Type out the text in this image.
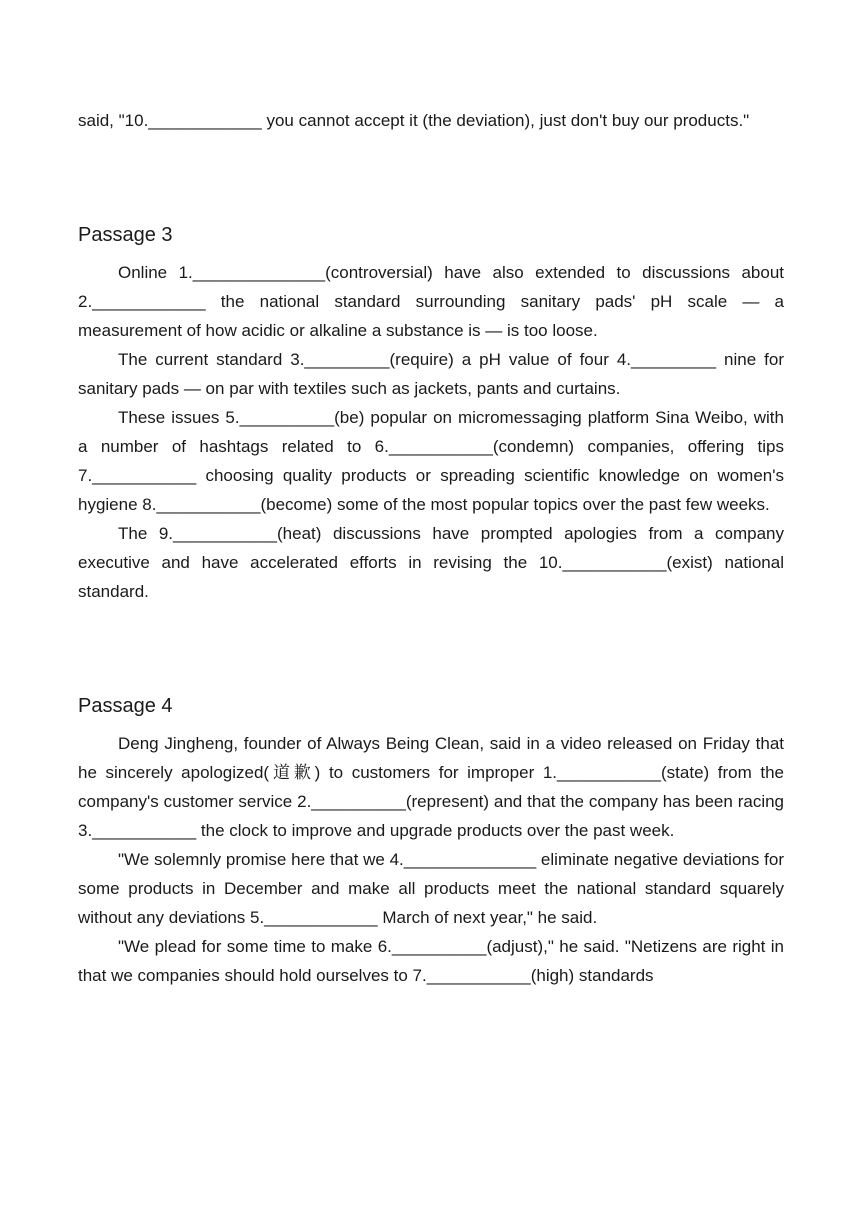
said, "10.____________ you cannot accept it (the deviation), just don't buy our products."

Passage 3

Online 1.______________(controversial) have also extended to discussions about 2.____________ the national standard surrounding sanitary pads' pH scale — a measurement of how acidic or alkaline a substance is — is too loose.

The current standard 3._________(require) a pH value of four 4._________ nine for sanitary pads — on par with textiles such as jackets, pants and curtains.

These issues 5.__________(be) popular on micromessaging platform Sina Weibo, with a number of hashtags related to 6.___________(condemn) companies, offering tips 7.___________ choosing quality products or spreading scientific knowledge on women's hygiene 8.___________(become) some of the most popular topics over the past few weeks.

The 9.___________(heat) discussions have prompted apologies from a company executive and have accelerated efforts in revising the 10.___________(exist) national standard.

Passage 4

Deng Jingheng, founder of Always Being Clean, said in a video released on Friday that he sincerely apologized(道歉) to customers for improper 1.___________(state) from the company's customer service 2.__________(represent) and that the company has been racing 3.___________ the clock to improve and upgrade products over the past week.

"We solemnly promise here that we 4.______________ eliminate negative deviations for some products in December and make all products meet the national standard squarely without any deviations 5.____________ March of next year," he said.

"We plead for some time to make 6.__________(adjust)," he said. "Netizens are right in that we companies should hold ourselves to 7.___________(high) standards
